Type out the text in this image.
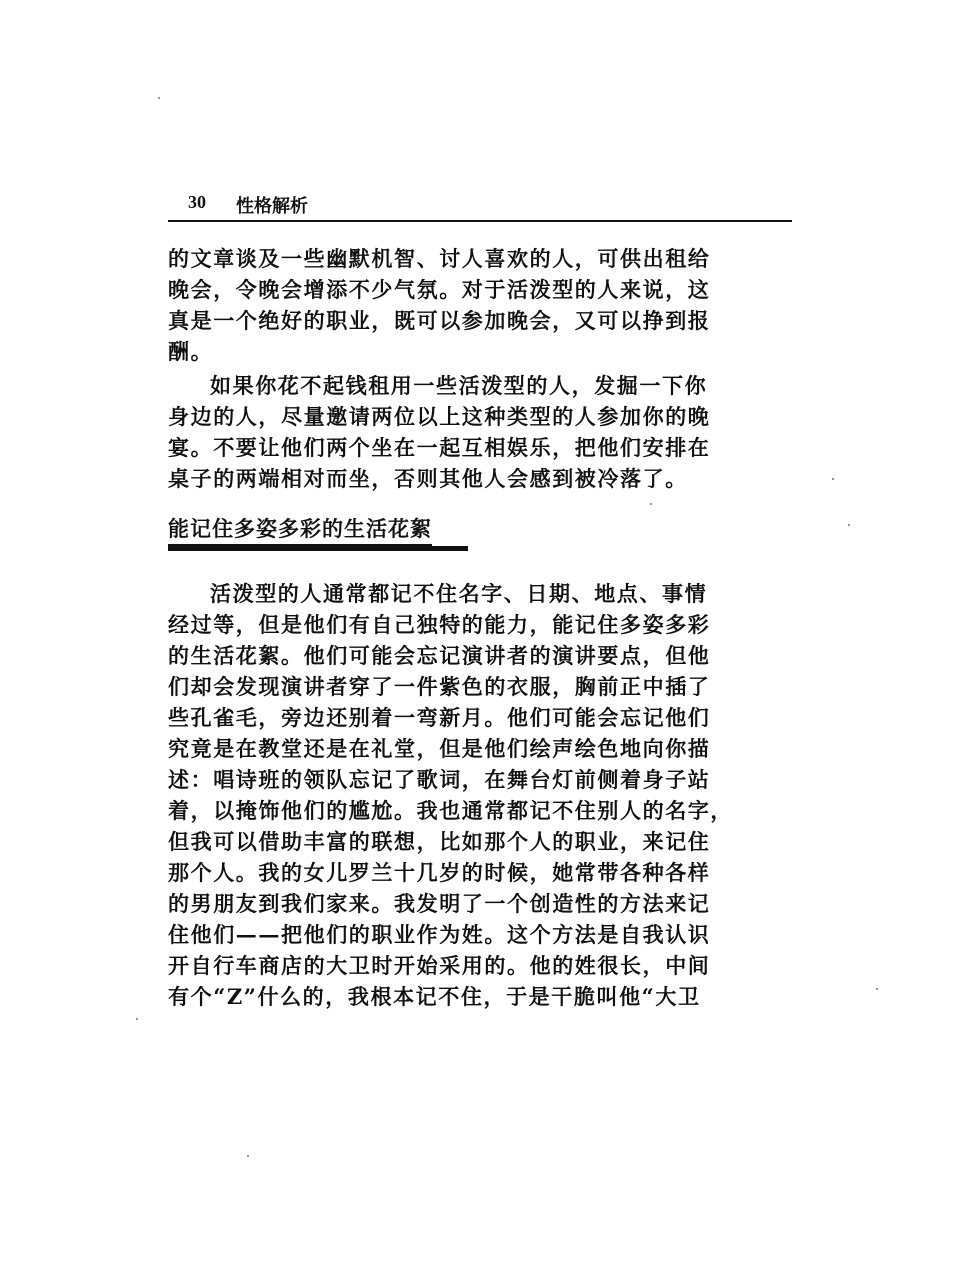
30 性格解析
的文章谈及一些幽默机智、讨人喜欢的人，可供出租给
晚会，令晚会增添不少气氛。对于活泼型的人来说，这
真是一个绝好的职业，既可以参加晚会，又可以挣到报
酬。
如果你花不起钱租用一些活泼型的人，发掘一下你
身边的人，尽量邀请两位以上这种类型的人参加你的晚
宴。不要让他们两个坐在一起互相娱乐，把他们安排在
桌子的两端相对而坐，否则其他人会感到被冷落了。
能记住多姿多彩的生活花絮
活泼型的人通常都记不住名字、日期、地点、事情
经过等，但是他们有自己独特的能力，能记住多姿多彩
的生活花絮。他们可能会忘记演讲者的演讲要点，但他
们却会发现演讲者穿了一件紫色的衣服，胸前正中插了
些孔雀毛，旁边还别着一弯新月。他们可能会忘记他们
究竟是在教堂还是在礼堂，但是他们绘声绘色地向你描
述：唱诗班的领队忘记了歌词，在舞台灯前侧着身子站
着，以掩饰他们的尴尬。我也通常都记不住别人的名字，
但我可以借助丰富的联想，比如那个人的职业，来记住
那个人。我的女儿罗兰十几岁的时候，她常带各种各样
的男朋友到我们家来。我发明了一个创造性的方法来记
住他们——把他们的职业作为姓。这个方法是自我认识
开自行车商店的大卫时开始采用的。他的姓很长，中间
有个“Z”什么的，我根本记不住，于是干脆叫他“大卫
